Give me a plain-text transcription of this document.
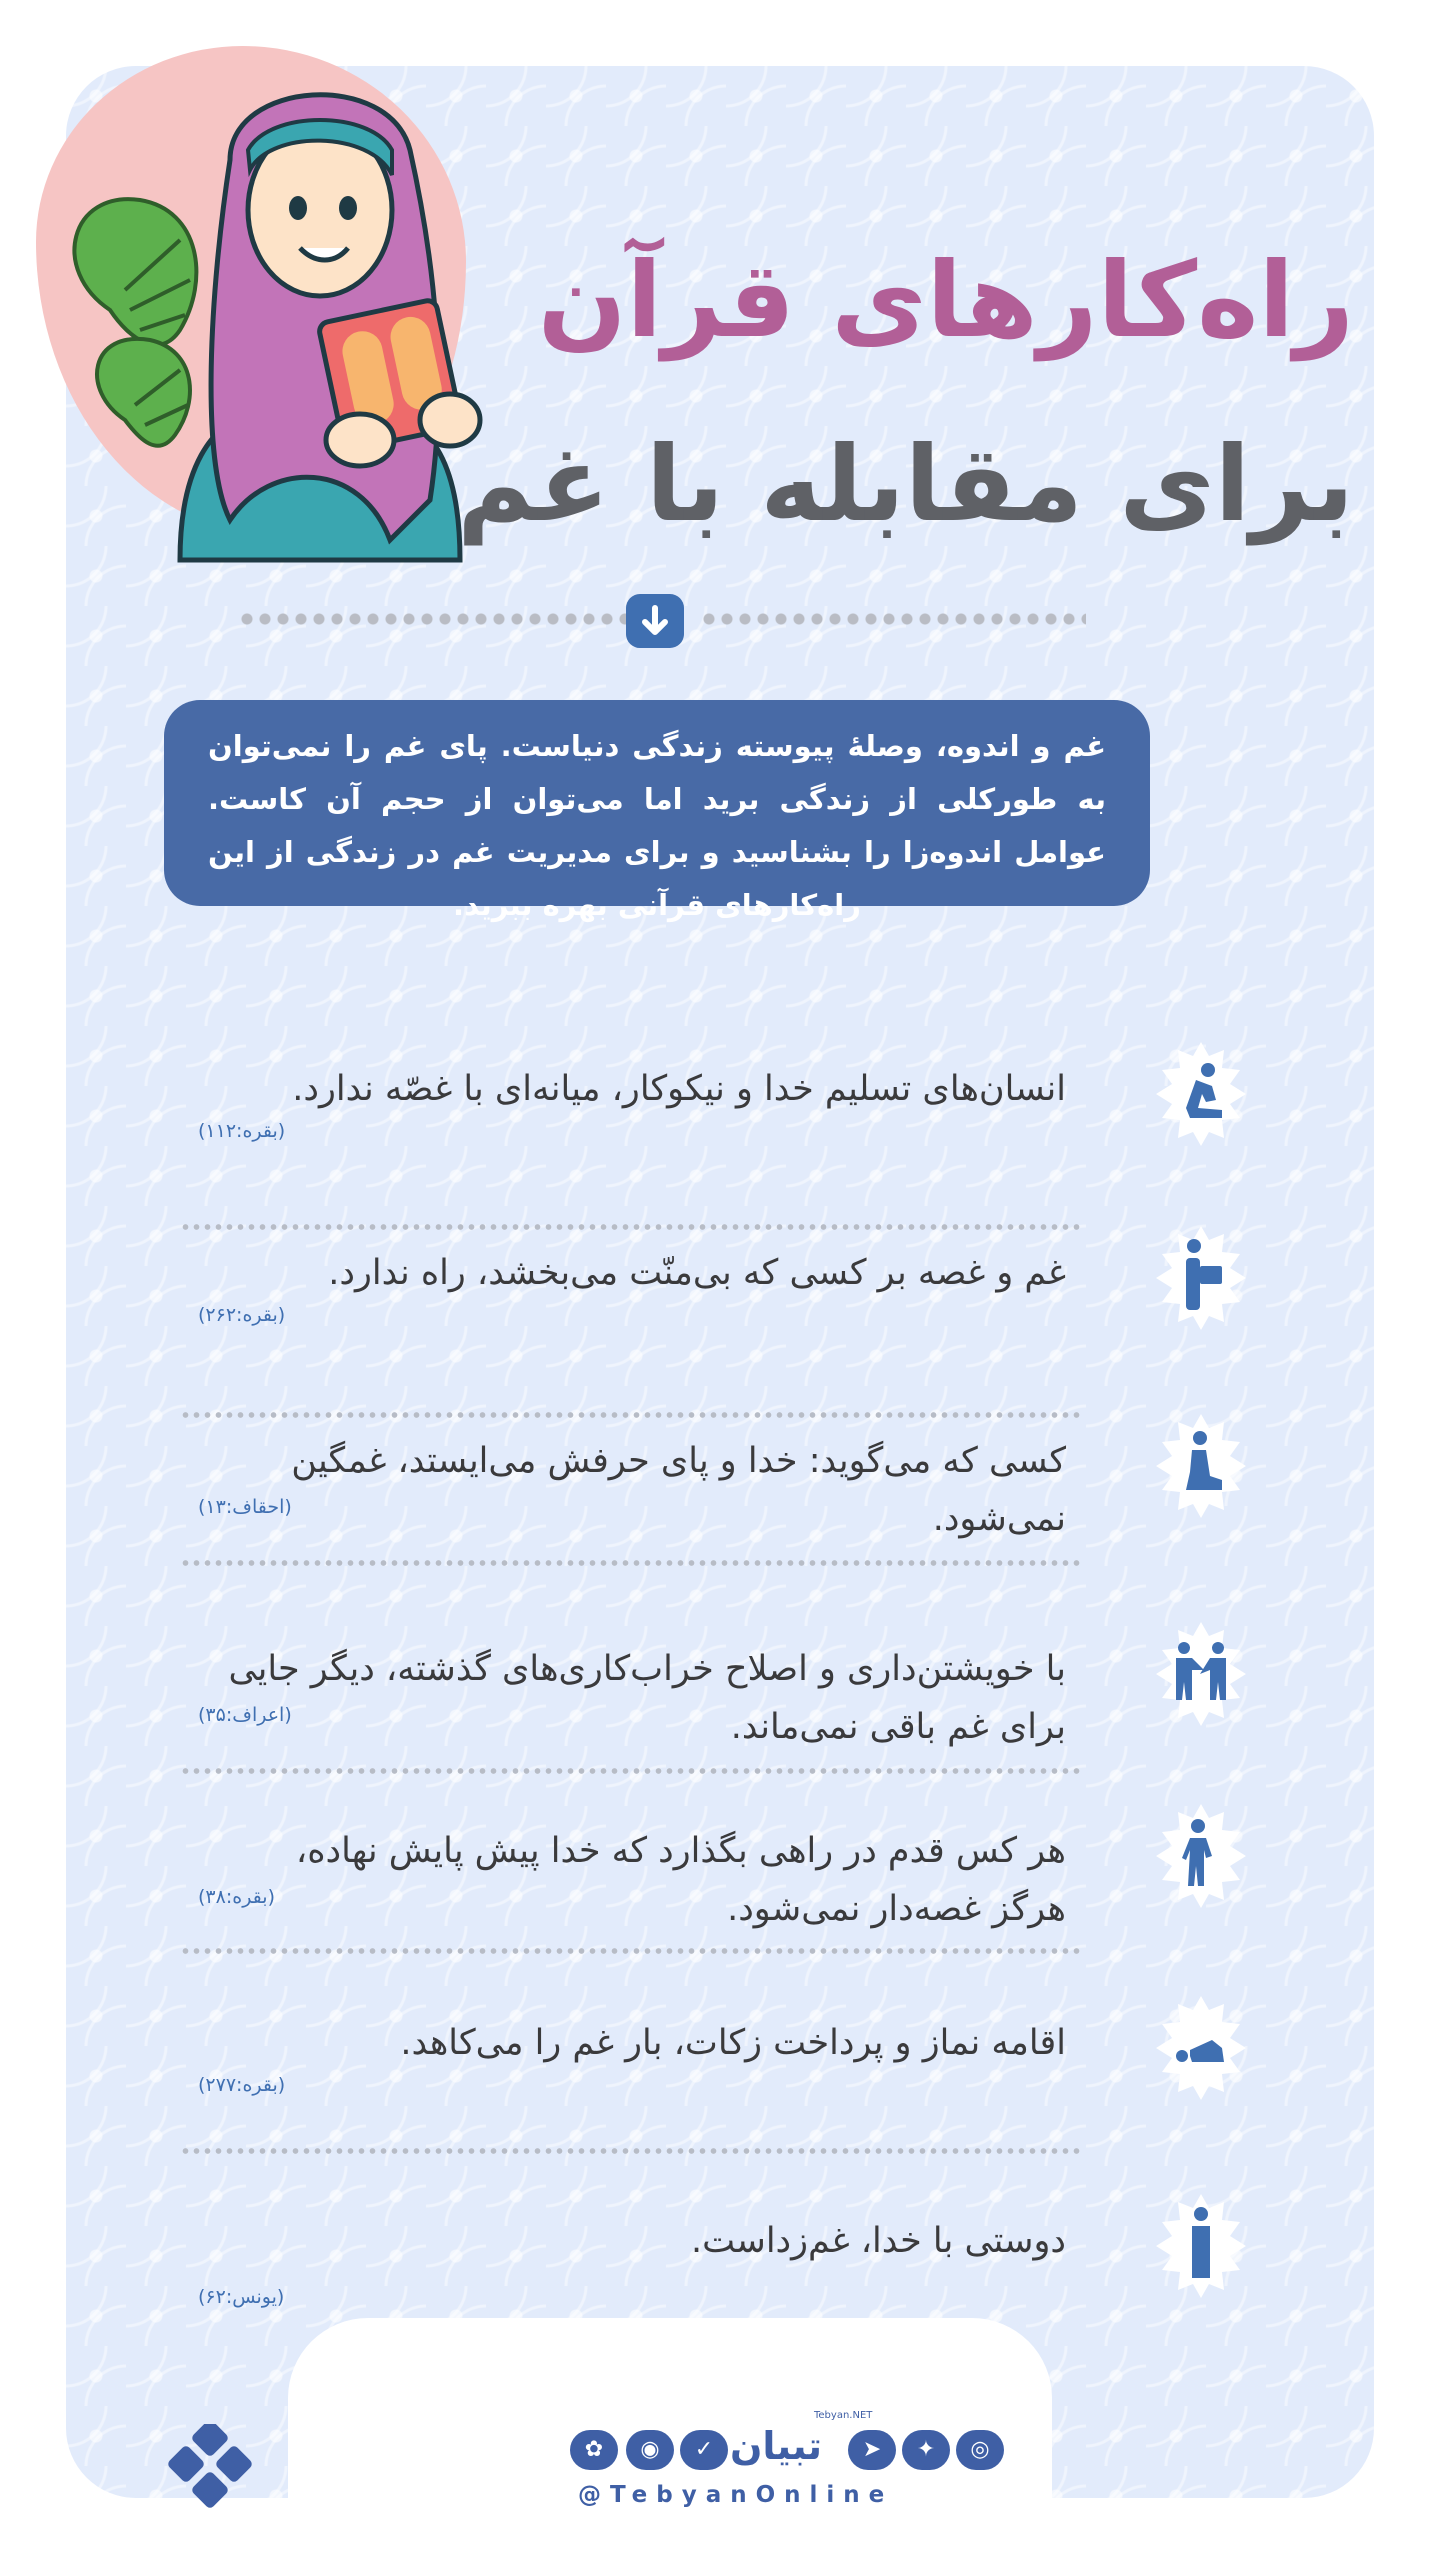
راه‌کارهای قرآن
برای مقابله با غم
غم و اندوه، وصلهٔ پیوسته زندگی دنیاست. پای غم را نمی‌توان به طورکلی از زندگی برید اما می‌توان از حجم آن کاست. عوامل اندوه‌زا را بشناسید و برای مدیریت غم در زندگی از این راه‌کارهای قرآنی بهره ببرید.

انسان‌های تسلیم خدا و نیکوکار، میانه‌ای با غصّه ندارد.

(بقره:۱۱۲)

غم و غصه بر کسی که بی‌منّت می‌بخشد، راه ندارد.

(بقره:۲۶۲)

کسی که می‌گوید: خدا و پای حرفش می‌ایستد، غمگین نمی‌شود.

(احقاف:۱۳)

با خویشتن‌داری و اصلاح خراب‌کاری‌های گذشته، دیگر جایی برای غم باقی نمی‌ماند.

(اعراف:۳۵)

هر کس قدم در راهی بگذارد که خدا پیش پایش نهاده، هرگز غصه‌دار نمی‌شود.

(بقره:۳۸)

اقامه نماز و پرداخت زکات، بار غم را می‌کاهد.

(بقره:۲۷۷)

دوستی با خدا، غم‌زداست.

(یونس:۶۲)
✿	◉	✓

Tebyan.NET

تبیان	➤	✦	◎

@TebyanOnline
